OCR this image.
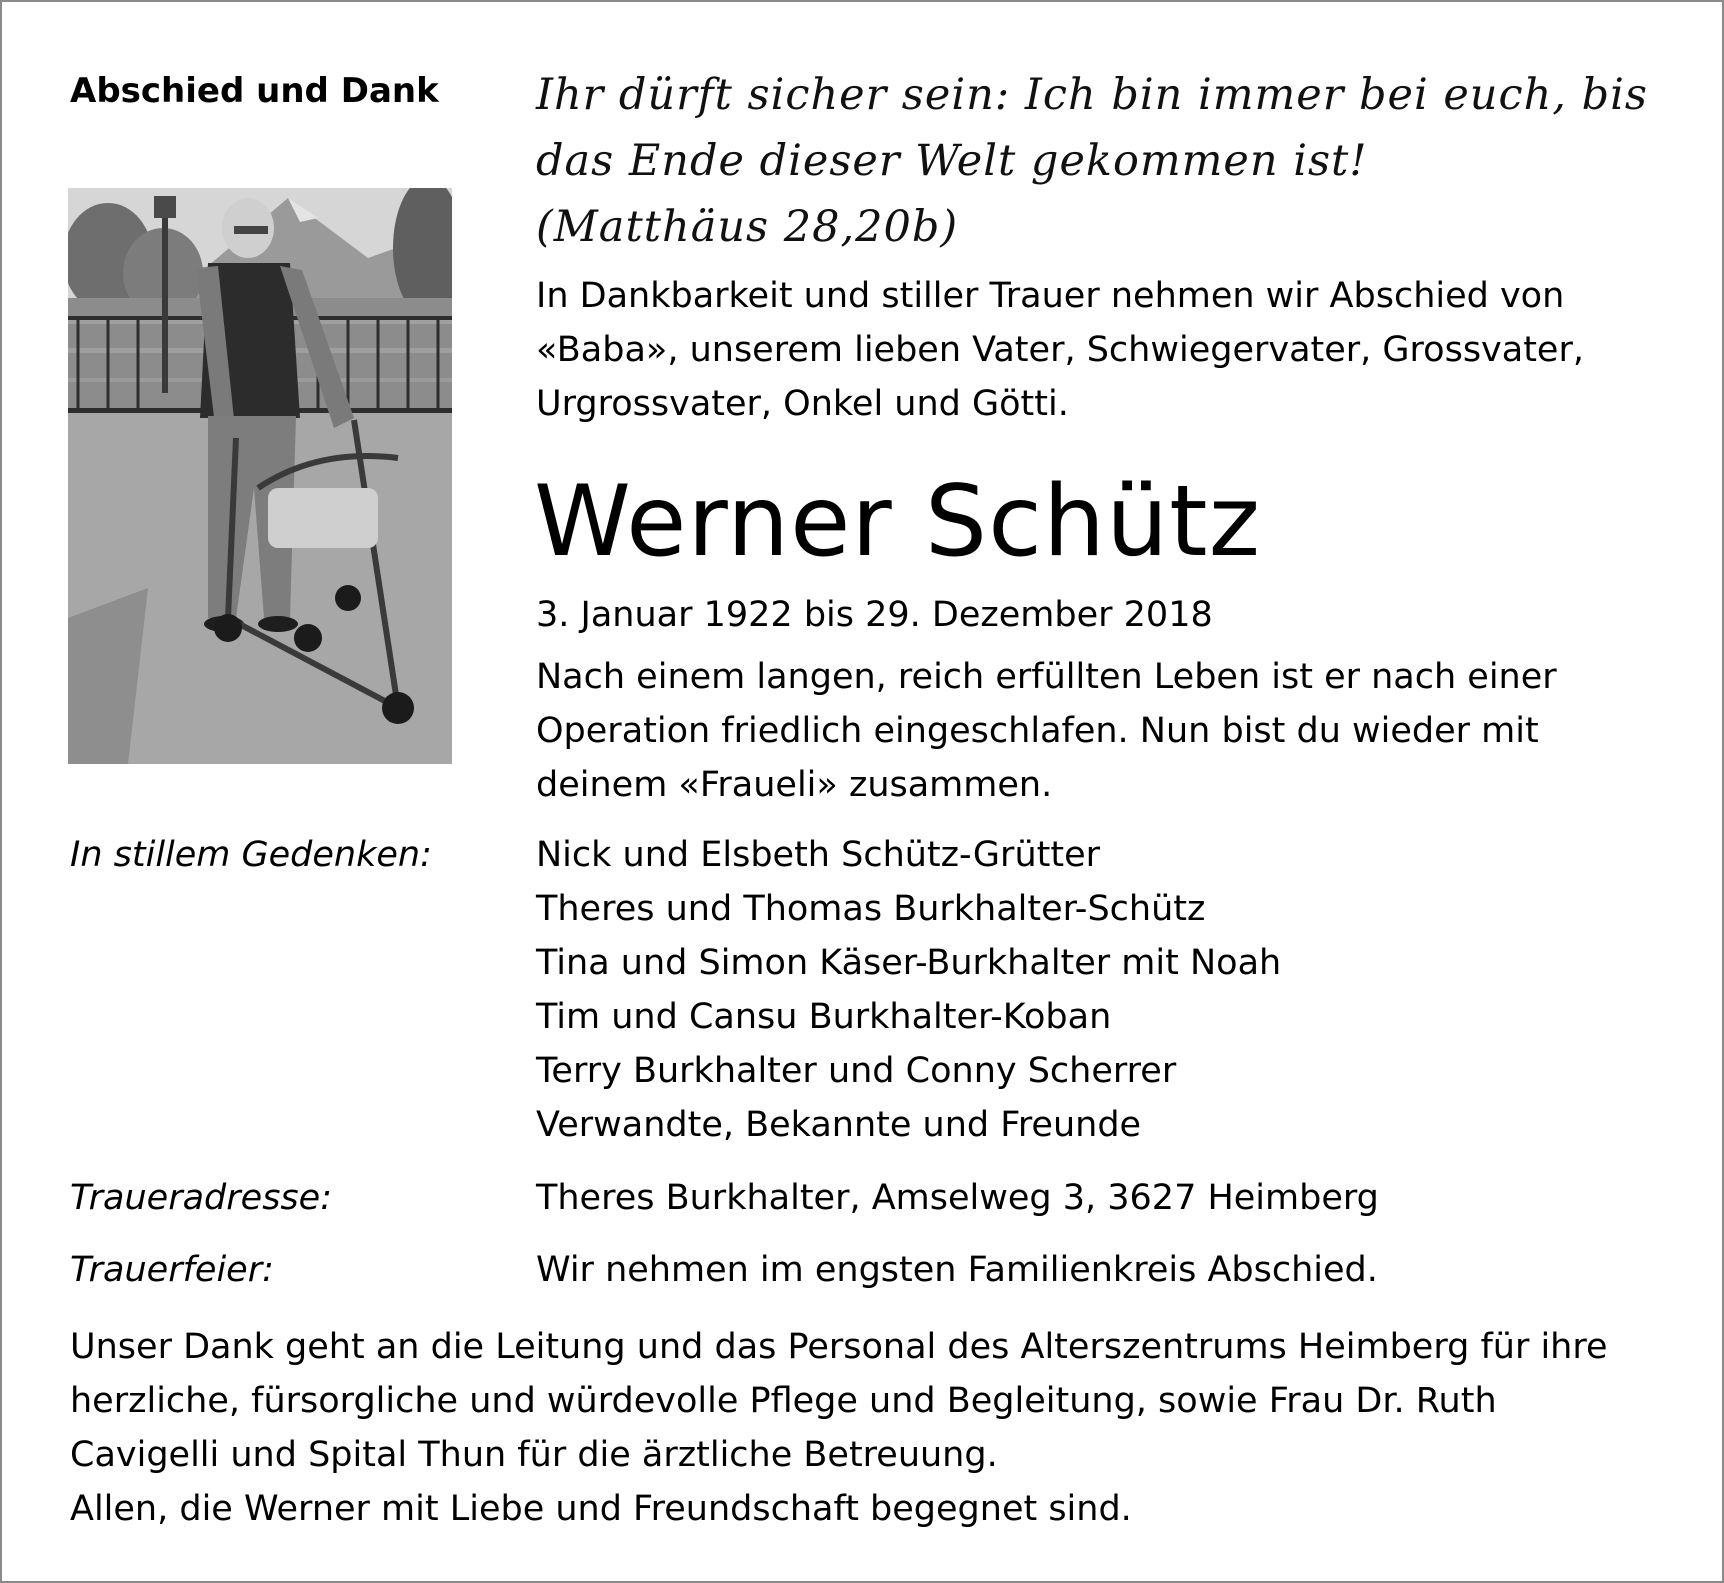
Abschied und Dank Ihr dürft sicher sein: Ich bin immer bei euch, bis
das Ende dieser Welt gekommen ist!
(Matthäus 28,20b)
In Dankbarkeit und stiller Trauer nehmen wir Abschied von
«Baba», unserem lieben Vater, Schwiegervater, Grossvater,
Urgrossvater, Onkel und Götti.
Werner Schütz
3. Januar 1922 bis 29. Dezember 2018
Nach einem langen, reich erfüllten Leben ist er nach einer
Operation friedlich eingeschlafen. Nun bist du wieder mit
deinem «Fraueli» zusammen.
In stillem Gedenken:	Nick und Elsbeth Schütz-Grütter
Theres und Thomas Burkhalter-Schütz
Tina und Simon Käser-Burkhalter mit Noah
Tim und Cansu Burkhalter-Koban
Terry Burkhalter und Conny Scherrer
Verwandte, Bekannte und Freunde
Traueradresse:	Theres Burkhalter, Amselweg 3, 3627 Heimberg
Trauerfeier:	Wir nehmen im engsten Familienkreis Abschied.
Unser Dank geht an die Leitung und das Personal des Alterszentrums Heimberg für ihre
herzliche, fürsorgliche und würdevolle Pflege und Begleitung, sowie Frau Dr. Ruth
Cavigelli und Spital Thun für die ärztliche Betreuung.
Allen, die Werner mit Liebe und Freundschaft begegnet sind.
